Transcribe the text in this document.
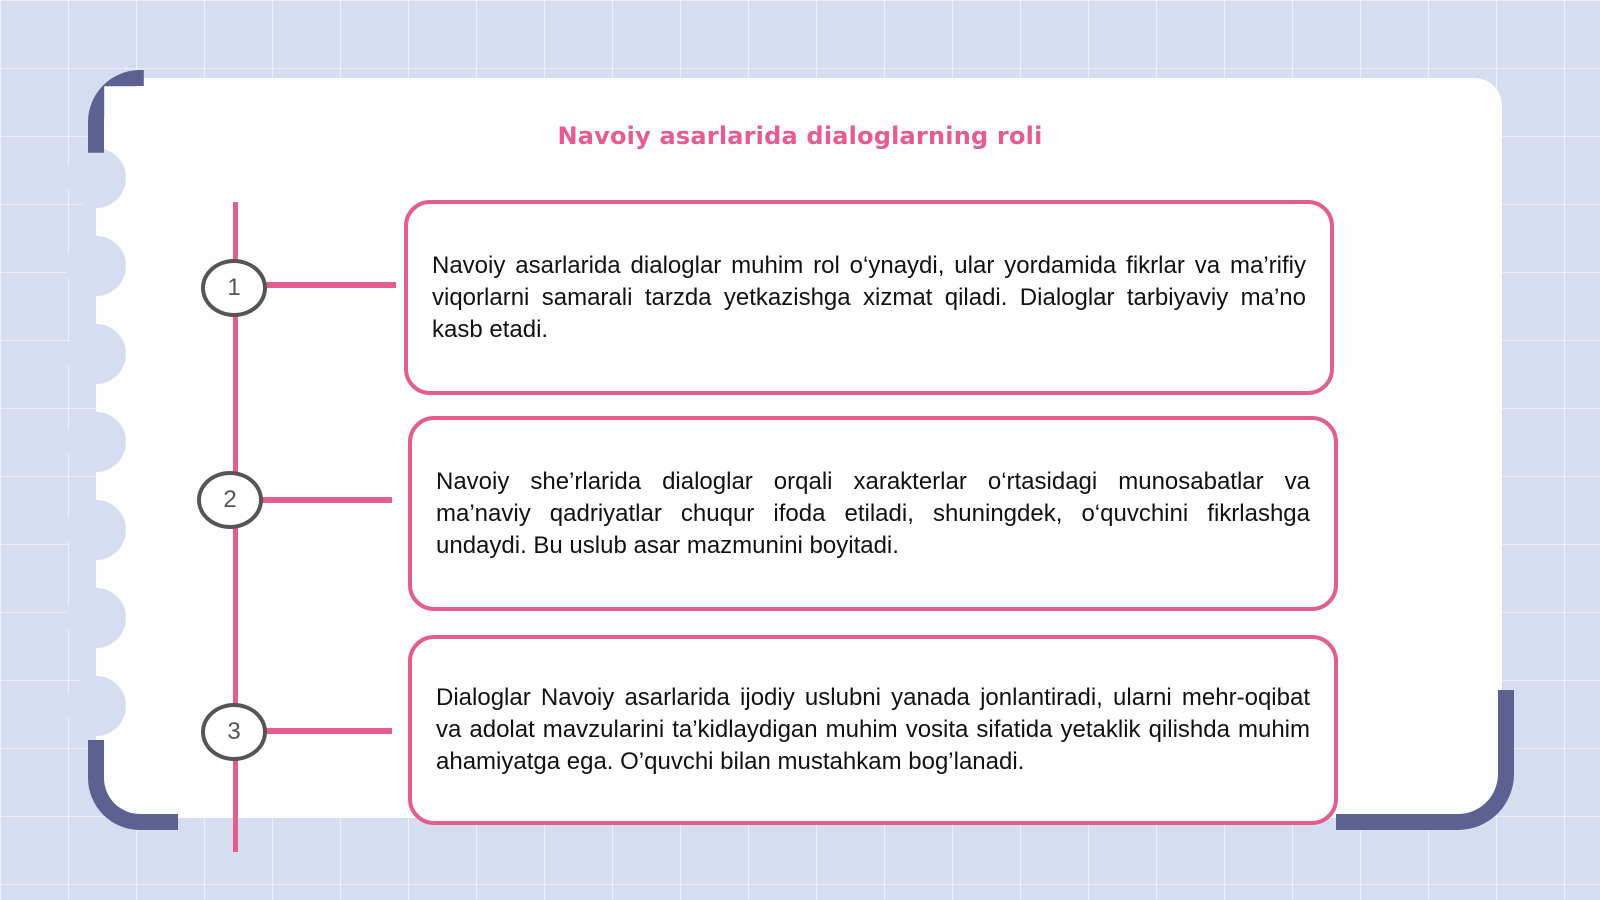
Navoiy asarlarida dialoglarning roli
1

Navoiy asarlarida dialoglar muhim rol o‘ynaydi, ular yordamida fikrlar va ma’rifiy viqorlarni samarali tarzda yetkazishga xizmat qiladi. Dialoglar tarbiyaviy ma’no kasb etadi.

2

Navoiy she’rlarida dialoglar orqali xarakterlar o‘rtasidagi munosabatlar va ma’naviy qadriyatlar chuqur ifoda etiladi, shuningdek, o‘quvchini fikrlashga undaydi. Bu uslub asar mazmunini boyitadi.

3

Dialoglar Navoiy asarlarida ijodiy uslubni yanada jonlantiradi, ularni mehr-oqibat va adolat mavzularini ta’kidlaydigan muhim vosita sifatida yetaklik qilishda muhim ahamiyatga ega. O’quvchi bilan mustahkam bog’lanadi.
